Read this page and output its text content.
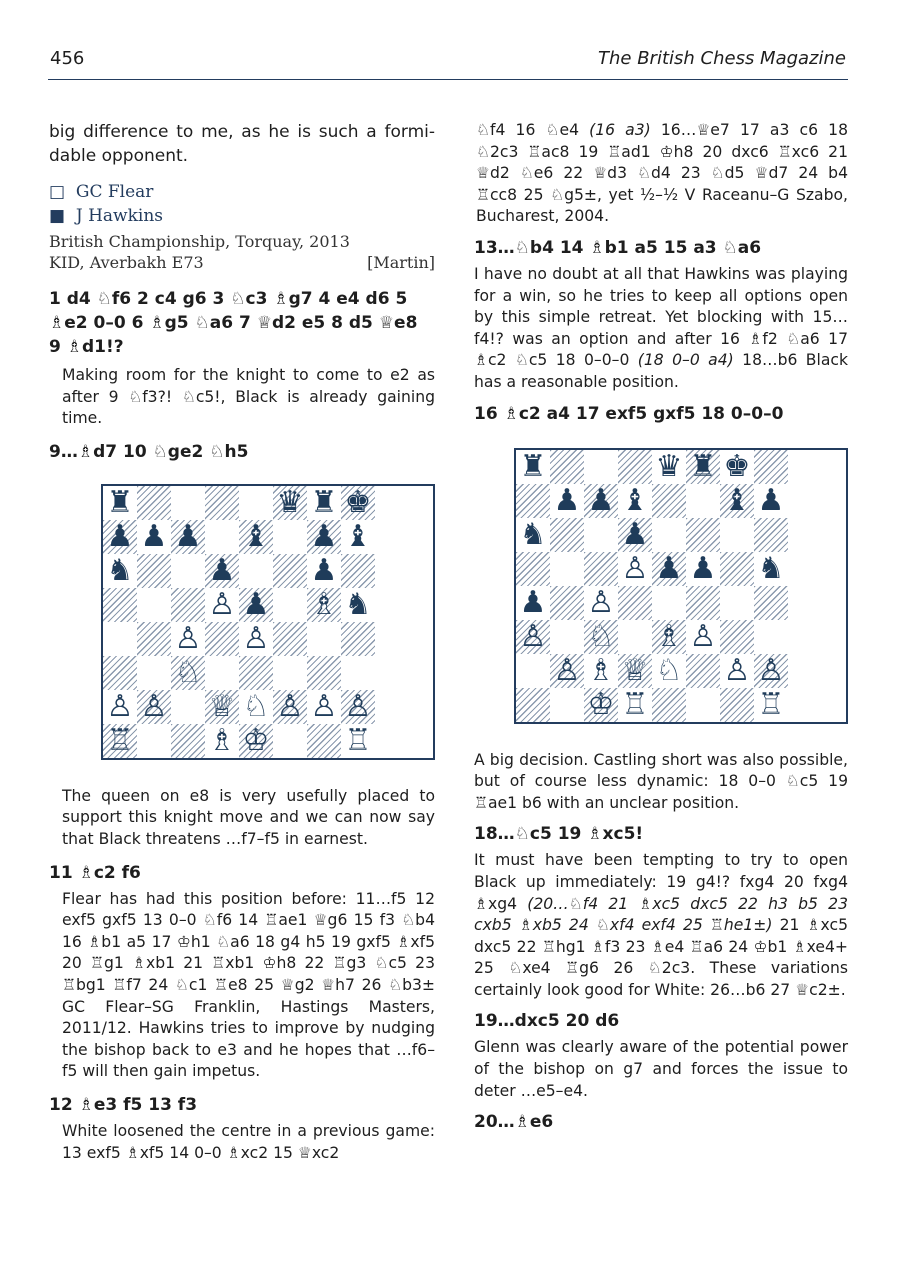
456	The British Chess Magazine

big difference to me, as he is such a formi-dable opponent.

□ GC Flear
■ J Hawkins
British Championship, Torquay, 2013
KID, Averbakh E73	[Martin]

1 d4 ♘f6 2 c4 g6 3 ♘c3 ♗g7 4 e4 d6 5 ♗e2 0–0 6 ♗g5 ♘a6 7 ♕d2 e5 8 d5 ♕e8 9 ♗d1!?

Making room for the knight to come to e2 as after 9 ♘f3?! ♘c5!, Black is already gaining time.

9…♗d7 10 ♘ge2 ♘h5

♜	♛ ♜ ♚
♟ ♟ ♟ ♝ ♟ ♝
♞	♟	♟
♙ ♟ ♗ ♞
♙ ♙
♘
♙ ♙ ♕ ♘ ♙ ♙ ♙
♖	♗ ♔	♖

The queen on e8 is very usefully placed to support this knight move and we can now say that Black threatens …f7–f5 in earnest.

11 ♗c2 f6

Flear has had this position before: 11…f5 12 exf5 gxf5 13 0–0 ♘f6 14 ♖ae1 ♕g6 15 f3 ♘b4 16 ♗b1 a5 17 ♔h1 ♘a6 18 g4 h5 19 gxf5 ♗xf5 20 ♖g1 ♗xb1 21 ♖xb1 ♔h8 22 ♖g3 ♘c5 23 ♖bg1 ♖f7 24 ♘c1 ♖e8 25 ♕g2 ♕h7 26 ♘b3± GC Flear–SG Franklin, Hastings Masters, 2011/12. Hawkins tries to improve by nudging the bishop back to e3 and he hopes that …f6–f5 will then gain impetus.

12 ♗e3 f5 13 f3

White loosened the centre in a previous game: 13 exf5 ♗xf5 14 0–0 ♗xc2 15 ♕xc2

♘f4 16 ♘e4 (16 a3) 16…♕e7 17 a3 c6 18 ♘2c3 ♖ac8 19 ♖ad1 ♔h8 20 dxc6 ♖xc6 21 ♕d2 ♘e6 22 ♕d3 ♘d4 23 ♘d5 ♕d7 24 b4 ♖cc8 25 ♘g5±, yet ½–½ V Raceanu–G Szabo, Bucharest, 2004.

13…♘b4 14 ♗b1 a5 15 a3 ♘a6

I have no doubt at all that Hawkins was playing for a win, so he tries to keep all options open by this simple retreat. Yet blocking with 15…f4!? was an option and after 16 ♗f2 ♘a6 17 ♗c2 ♘c5 18 0–0–0 (18 0–0 a4) 18…b6 Black has a reasonable position.

16 ♗c2 a4 17 exf5 gxf5 18 0–0–0

♜	♛ ♜ ♚
♟ ♟ ♝	♝ ♟
♞	♟
♙ ♟ ♟ ♞
♟ ♙
♙ ♘ ♗ ♙
♙ ♗ ♕ ♘ ♙ ♙
♔ ♖	♖

A big decision. Castling short was also possible, but of course less dynamic: 18 0–0 ♘c5 19 ♖ae1 b6 with an unclear position.

18…♘c5 19 ♗xc5!

It must have been tempting to try to open Black up immediately: 19 g4!? fxg4 20 fxg4 ♗xg4 (20…♘f4 21 ♗xc5 dxc5 22 h3 b5 23 cxb5 ♗xb5 24 ♘xf4 exf4 25 ♖he1±) 21 ♗xc5 dxc5 22 ♖hg1 ♗f3 23 ♗e4 ♖a6 24 ♔b1 ♗xe4+ 25 ♘xe4 ♖g6 26 ♘2c3. These variations certainly look good for White: 26…b6 27 ♕c2±.

19…dxc5 20 d6

Glenn was clearly aware of the potential power of the bishop on g7 and forces the issue to deter …e5–e4.

20…♗e6
